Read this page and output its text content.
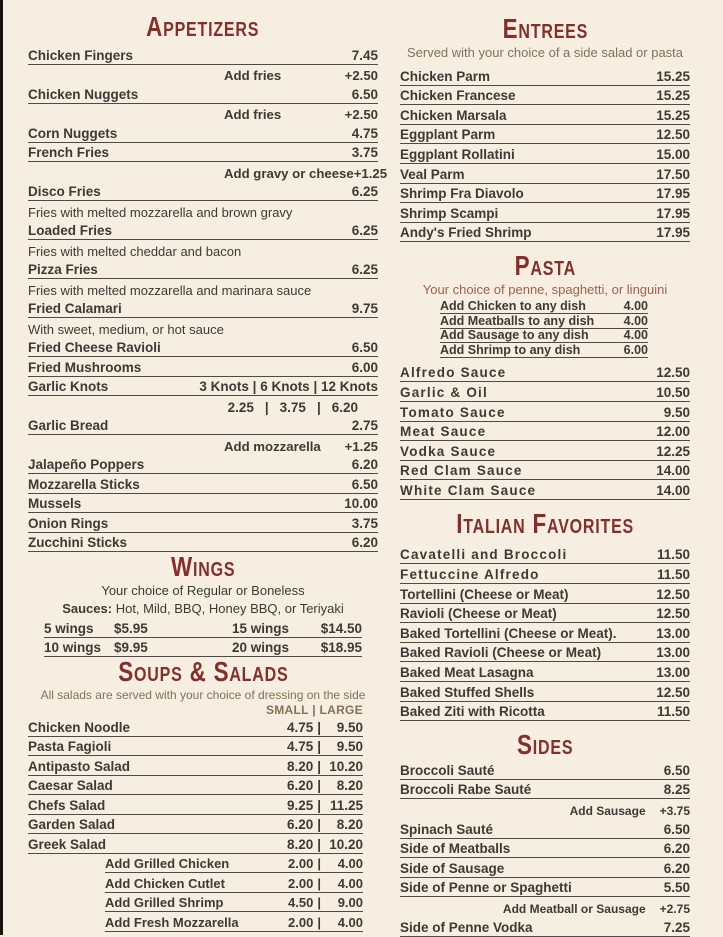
Appetizers
Chicken Fingers	7.45
Add fries	+2.50
Chicken Nuggets	6.50
Add fries	+2.50
Corn Nuggets	4.75
French Fries	3.75
Add gravy or cheese +1.25
Disco Fries	6.25
Fries with melted mozzarella and brown gravy
Loaded Fries	6.25
Fries with melted cheddar and bacon
Pizza Fries	6.25
Fries with melted mozzarella and marinara sauce
Fried Calamari	9.75
With sweet, medium, or hot sauce
Fried Cheese Ravioli	6.50
Fried Mushrooms	6.00
Garlic Knots	3 Knots | 6 Knots | 12 Knots
2.25 | 3.75 | 6.20
Garlic Bread	2.75
Add mozzarella +1.25
Jalapeño Poppers	6.20
Mozzarella Sticks	6.50
Mussels	10.00
Onion Rings	3.75
Zucchini Sticks	6.20
Wings
Your choice of Regular or Boneless
Sauces: Hot, Mild, BBQ, Honey BBQ, or Teriyaki
5 wings	$5.95	15 wings	$14.50
10 wings $9.95	20 wings	$18.95
Soups & Salads
All salads are served with your choice of dressing on the side
SMALL | LARGE
Chicken Noodle	4.75 |	9.50
Pasta Fagioli	4.75 |	9.50
Antipasto Salad	8.20 | 10.20
Caesar Salad	6.20 |	8.20
Chefs Salad	9.25 | 11.25
Garden Salad	6.20 |	8.20
Greek Salad	8.20 | 10.20
Add Grilled Chicken	2.00 |	4.00
Add Chicken Cutlet	2.00 |	4.00
Add Grilled Shrimp	4.50 |	9.00
Add Fresh Mozzarella	2.00 |	4.00
Entrees
Served with your choice of a side salad or pasta
Chicken Parm	15.25
Chicken Francese	15.25
Chicken Marsala	15.25
Eggplant Parm	12.50
Eggplant Rollatini	15.00
Veal Parm	17.50
Shrimp Fra Diavolo	17.95
Shrimp Scampi	17.95
Andy's Fried Shrimp	17.95
Pasta
Your choice of penne, spaghetti, or linguini
Add Chicken to any dish	4.00
Add Meatballs to any dish 4.00
Add Sausage to any dish	4.00
Add Shrimp to any dish	6.00
Alfredo Sauce	12.50
Garlic & Oil	10.50
Tomato Sauce	9.50
Meat Sauce	12.00
Vodka Sauce	12.25
Red Clam Sauce	14.00
White Clam Sauce	14.00
Italian Favorites
Cavatelli and Broccoli	11.50
Fettuccine Alfredo	11.50
Tortellini (Cheese or Meat)	12.50
Ravioli (Cheese or Meat)	12.50
Baked Tortellini (Cheese or Meat).	13.00
Baked Ravioli (Cheese or Meat)	13.00
Baked Meat Lasagna	13.00
Baked Stuffed Shells	12.50
Baked Ziti with Ricotta	11.50
Sides
Broccoli Sauté	6.50
Broccoli Rabe Sauté	8.25
Add Sausage +3.75
Spinach Sauté	6.50
Side of Meatballs	6.20
Side of Sausage	6.20
Side of Penne or Spaghetti	5.50
Add Meatball or Sausage +2.75
Side of Penne Vodka	7.25
